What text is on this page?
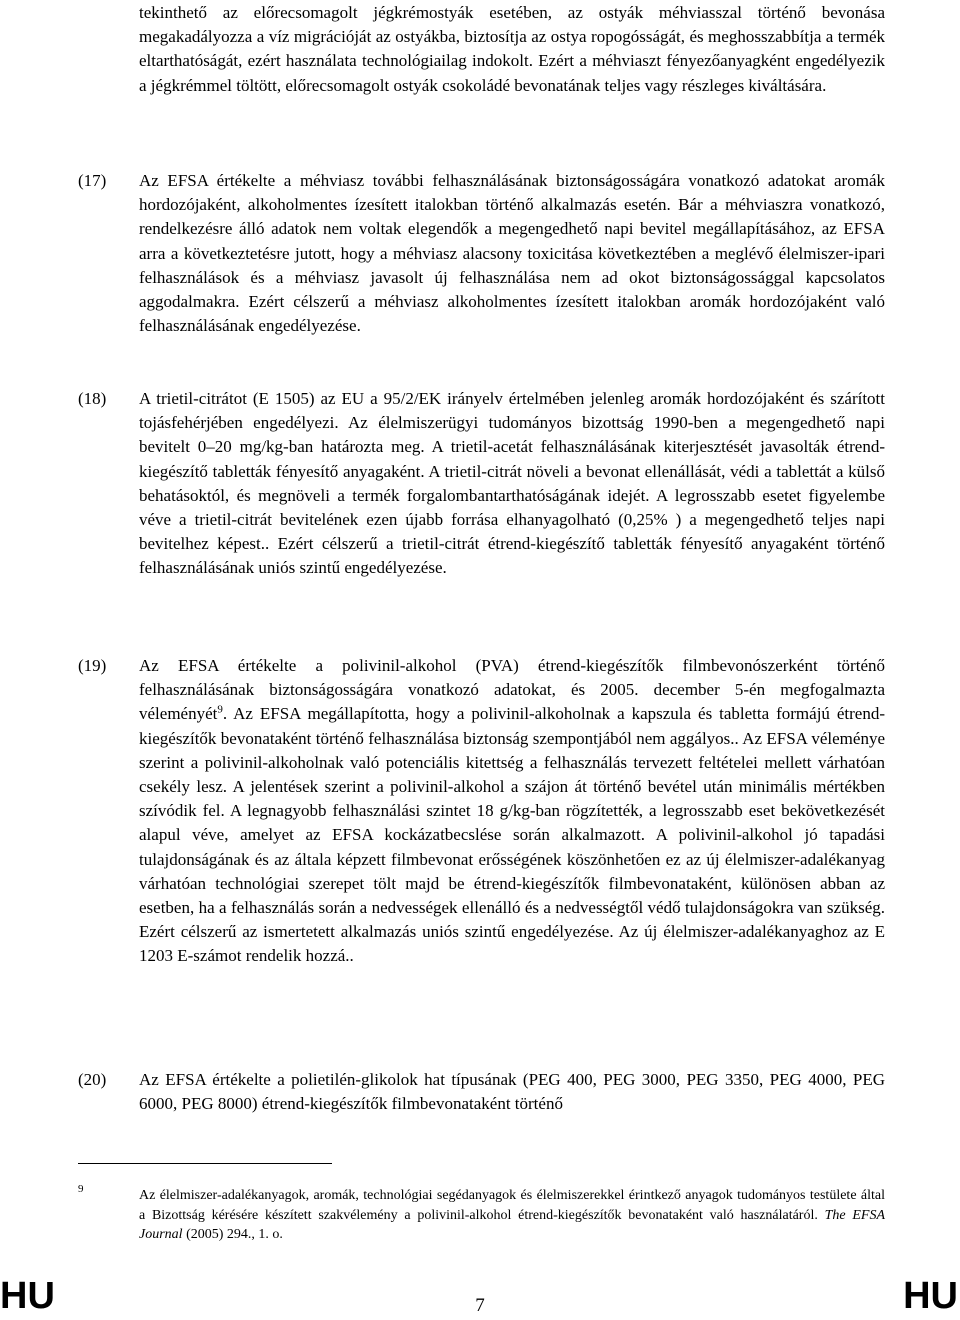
tekinthető az előrecsomagolt jégkrémostyák esetében, az ostyák méhviasszal történő bevonása megakadályozza a víz migrációját az ostyákba, biztosítja az ostya ropogósságát, és meghosszabbítja a termék eltarthatóságát, ezért használata technológiailag indokolt. Ezért a méhviaszt fényezőanyagként engedélyezik a jégkrémmel töltött, előrecsomagolt ostyák csokoládé bevonatának teljes vagy részleges kiváltására.
(17) Az EFSA értékelte a méhviasz további felhasználásának biztonságosságára vonatkozó adatokat aromák hordozójaként, alkoholmentes ízesített italokban történő alkalmazás esetén. Bár a méhviaszra vonatkozó, rendelkezésre álló adatok nem voltak elegendők a megengedhető napi bevitel megállapításához, az EFSA arra a következtetésre jutott, hogy a méhviasz alacsony toxicitása következtében a meglévő élelmiszer-ipari felhasználások és a méhviasz javasolt új felhasználása nem ad okot biztonságossággal kapcsolatos aggodalmakra. Ezért célszerű a méhviasz alkoholmentes ízesített italokban aromák hordozójaként való felhasználásának engedélyezése.
(18) A trietil-citrátot (E 1505) az EU a 95/2/EK irányelv értelmében jelenleg aromák hordozójaként és szárított tojásfehérjében engedélyezi. Az élelmiszerügyi tudományos bizottság 1990-ben a megengedhető napi bevitelt 0–20 mg/kg-ban határozta meg. A trietil-acetát felhasználásának kiterjesztését javasolták étrend-kiegészítő tabletták fényesítő anyagaként. A trietil-citrát növeli a bevonat ellenállását, védi a tablettát a külső behatásoktól, és megnöveli a termék forgalombantarthatóságának idejét. A legrosszabb esetet figyelembe véve a trietil-citrát bevitelének ezen újabb forrása elhanyagolható (0,25% ) a megengedhető teljes napi bevitelhez képest.. Ezért célszerű a trietil-citrát étrend-kiegészítő tabletták fényesítő anyagaként történő felhasználásának uniós szintű engedélyezése.
(19) Az EFSA értékelte a polivinil-alkohol (PVA) étrend-kiegészítők filmbevonószerként történő felhasználásának biztonságosságára vonatkozó adatokat, és 2005. december 5-én megfogalmazta véleményét$^9$. Az EFSA megállapította, hogy a polivinil-alkoholnak a kapszula és tabletta formájú étrend-kiegészítők bevonataként történő felhasználása biztonság szempontjából nem aggályos.. Az EFSA véleménye szerint a polivinil-alkoholnak való potenciális kitettség a felhasználás tervezett feltételei mellett várhatóan csekély lesz. A jelentések szerint a polivinil-alkohol a szájon át történő bevétel után minimális mértékben szívódik fel. A legnagyobb felhasználási szintet 18 g/kg-ban rögzítették, a legrosszabb eset bekövetkezését alapul véve, amelyet az EFSA kockázatbecslése során alkalmazott. A polivinil-alkohol jó tapadási tulajdonságának és az általa képzett filmbevonat erősségének köszönhetően ez az új élelmiszer-adalékanyag várhatóan technológiai szerepet tölt majd be étrend-kiegészítők filmbevonataként, különösen abban az esetben, ha a felhasználás során a nedvességek ellenálló és a nedvességtől védő tulajdonságokra van szükség. Ezért célszerű az ismertetett alkalmazás uniós szintű engedélyezése. Az új élelmiszer-adalékanyaghoz az E 1203 E-számot rendelik hozzá..
(20) Az EFSA értékelte a polietilén-glikolok hat típusának (PEG 400, PEG 3000, PEG 3350, PEG 4000, PEG 6000, PEG 8000) étrend-kiegészítők filmbevonataként történő
9	Az élelmiszer-adalékanyagok, aromák, technológiai segédanyagok és élelmiszerekkel érintkező anyagok tudományos testülete által a Bizottság kérésére készített szakvélemény a polivinil-alkohol étrend-kiegészítők bevonataként való használatáról. The EFSA Journal (2005) 294., 1. o.
HU	7	HU
